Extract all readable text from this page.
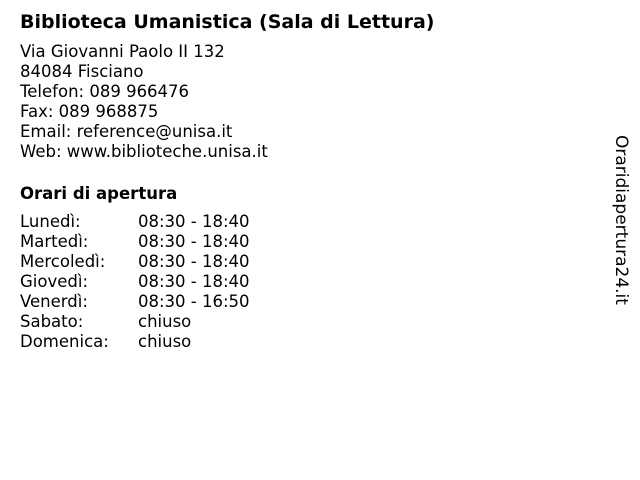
Biblioteca Umanistica (Sala di Lettura)
Via Giovanni Paolo II 132
84084 Fisciano
Telefon: 089 966476
Fax: 089 968875
Email: reference@unisa.it
Web: www.biblioteche.unisa.it
Orari di apertura
Lunedì:	08:30 - 18:40
Martedì:	08:30 - 18:40
Mercoledì:	08:30 - 18:40
Giovedì:	08:30 - 18:40
Venerdì:	08:30 - 16:50
Sabato:	chiuso
Domenica:	chiuso
Oraridiapertura24.it
